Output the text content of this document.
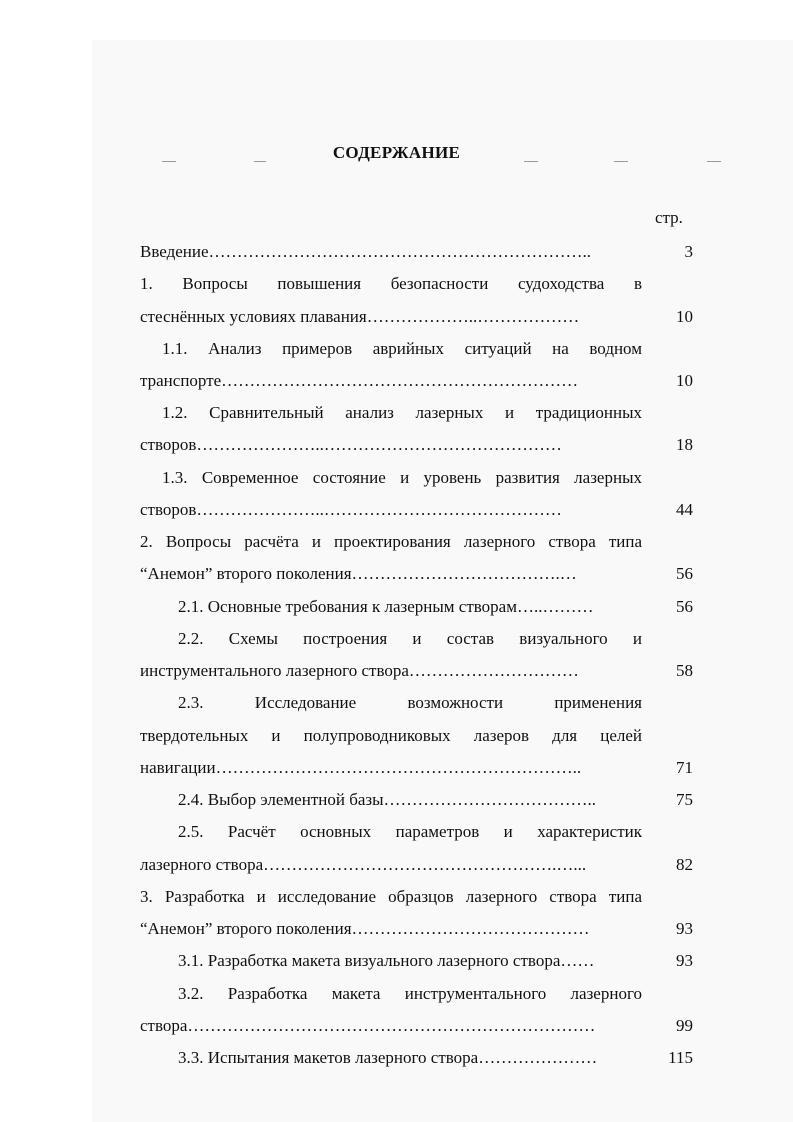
СОДЕРЖАНИЕ
стр.
Введение…………………………………………………………..	3
1. Вопросы повышения безопасности судоходства в
стеснённых условиях плавания………………..………………	10
1.1. Анализ примеров аврийных ситуаций на водном
транспорте………………………………………………………	10
1.2. Сравнительный анализ лазерных и традиционных
створов…………………..……………………………………	18
1.3. Современное состояние и уровень развития лазерных
створов…………………..……………………………………	44
2. Вопросы расчёта и проектирования лазерного створа типа
“Анемон” второго поколения……………………………….…	56
2.1. Основные требования к лазерным створам…..………	56
2.2. Схемы построения и состав визуального и
инструментального лазерного створа…………………………	58
2.3. Исследование возможности применения
твердотельных и полупроводниковых лазеров для целей
навигации………………………………………………………..	71
2.4. Выбор элементной базы………………………………..	75
2.5. Расчёт основных параметров и характеристик
лазерного створа…………………………………………….…...	82
3. Разработка и исследование образцов лазерного створа типа
“Анемон” второго поколения……………………………………	93
3.1. Разработка макета визуального лазерного створа……	93
3.2. Разработка макета инструментального лазерного
створа………………………………………………………………	99
3.3. Испытания макетов лазерного створа…………………	115
